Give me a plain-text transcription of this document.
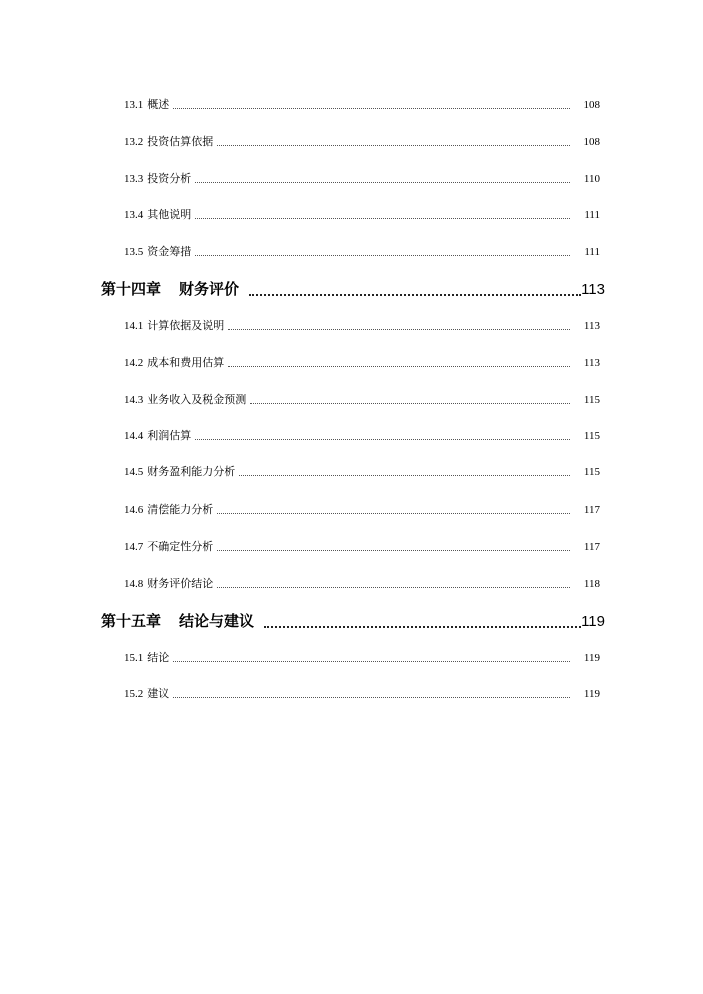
13.1 概述	108
13.2 投资估算依据	108
13.3 投资分析	110
13.4 其他说明	111
13.5 资金筹措	111
第十四章 财务评价	113
14.1 计算依据及说明	113
14.2 成本和费用估算	113
14.3 业务收入及税金预测	115
14.4 利润估算	115
14.5 财务盈利能力分析	115
14.6 清偿能力分析	117
14.7 不确定性分析	117
14.8 财务评价结论	118
第十五章 结论与建议	119
15.1 结论	119
15.2 建议	119
